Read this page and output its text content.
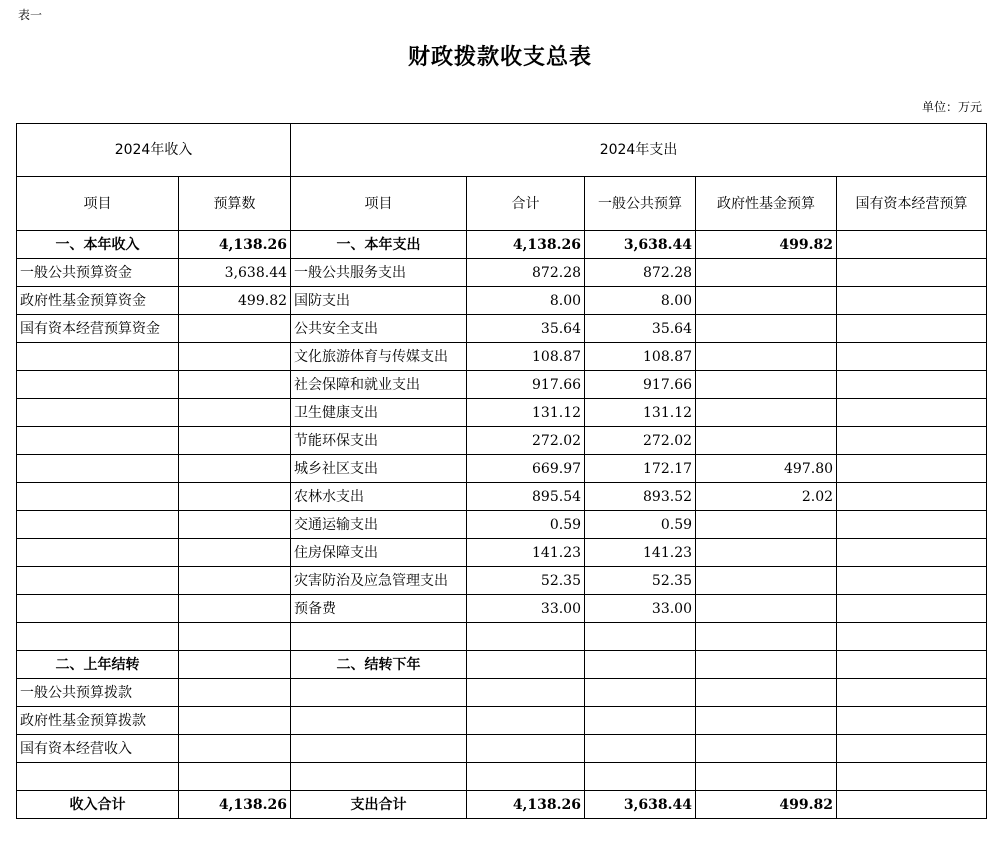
表一
财政拨款收支总表
单位：万元
2024年收入		2024年支出				
项目	预算数	项目	合计	一般公共预算	政府性基金预算	国有资本经营预算
一、本年收入	4,138.26	一、本年支出	4,138.26	3,638.44	499.82	
一般公共预算资金	3,638.44	一般公共服务支出	872.28	872.28		
政府性基金预算资金	499.82	国防支出	8.00	8.00		
国有资本经营预算资金		公共安全支出	35.64	35.64		
		文化旅游体育与传媒支出	108.87	108.87		
		社会保障和就业支出	917.66	917.66		
		卫生健康支出	131.12	131.12		
		节能环保支出	272.02	272.02		
		城乡社区支出	669.97	172.17	497.80	
		农林水支出	895.54	893.52	2.02	
		交通运输支出	0.59	0.59		
		住房保障支出	141.23	141.23		
		灾害防治及应急管理支出	52.35	52.35		
		预备费	33.00	33.00		

二、上年结转		二、结转下年				
一般公共预算拨款						
政府性基金预算拨款						
国有资本经营收入						

收入合计	4,138.26	支出合计	4,138.26	3,638.44	499.82	
